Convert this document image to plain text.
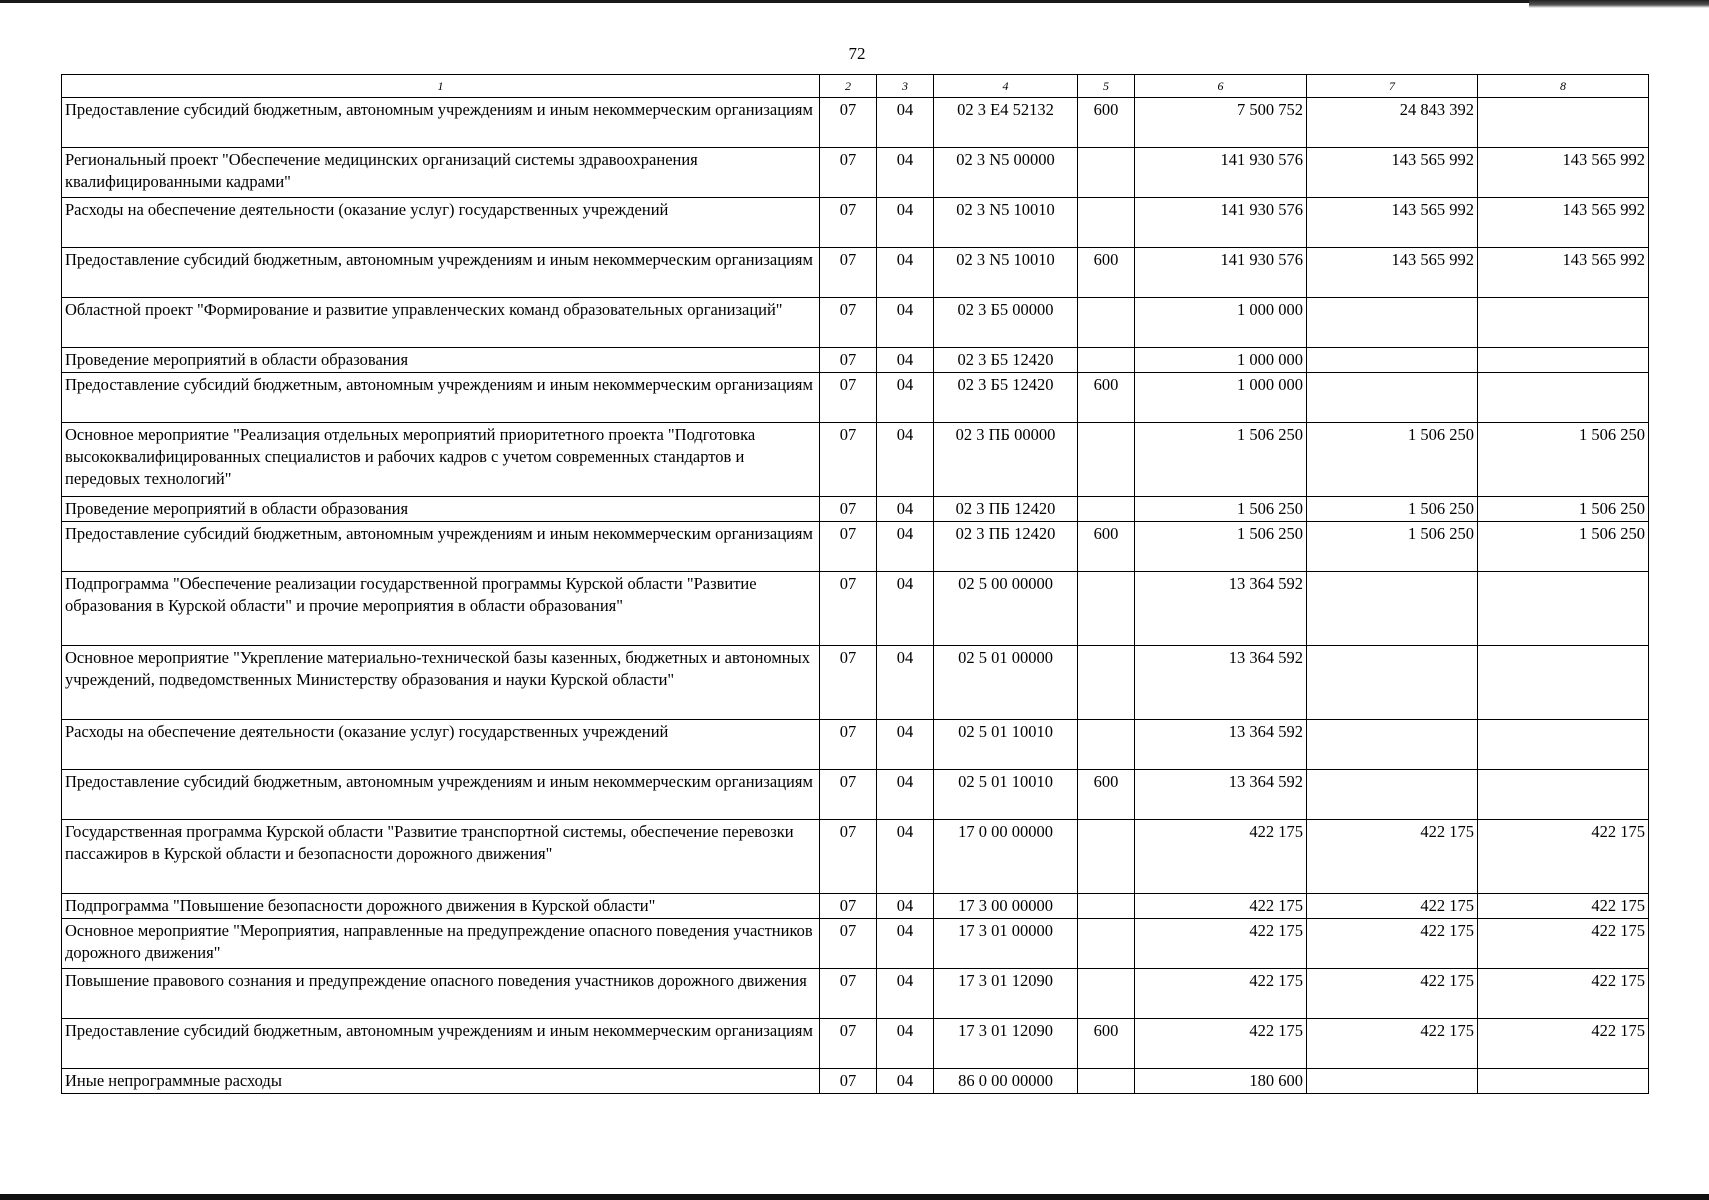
72
1	2	3	4	5	6	7	8
Предоставление субсидий бюджетным, автономным учреждениям и иным некоммерческим организациям	07	04	02 3 E4 52132	600	7 500 752	24 843 392	
Региональный проект "Обеспечение медицинских организаций системы здравоохранения квалифицированными кадрами"	07	04	02 3 N5 00000		141 930 576	143 565 992	143 565 992
Расходы на обеспечение деятельности (оказание услуг) государственных учреждений	07	04	02 3 N5 10010		141 930 576	143 565 992	143 565 992
Предоставление субсидий бюджетным, автономным учреждениям и иным некоммерческим организациям	07	04	02 3 N5 10010	600	141 930 576	143 565 992	143 565 992
Областной проект "Формирование и развитие управленческих команд образовательных организаций"	07	04	02 3 Б5 00000		1 000 000		
Проведение мероприятий в области образования	07	04	02 3 Б5 12420		1 000 000		
Предоставление субсидий бюджетным, автономным учреждениям и иным некоммерческим организациям	07	04	02 3 Б5 12420	600	1 000 000		
Основное мероприятие "Реализация отдельных мероприятий приоритетного проекта "Подготовка высококвалифицированных специалистов и рабочих кадров с учетом современных стандартов и передовых технологий"	07	04	02 3 ПБ 00000		1 506 250	1 506 250	1 506 250
Проведение мероприятий в области образования	07	04	02 3 ПБ 12420		1 506 250	1 506 250	1 506 250
Предоставление субсидий бюджетным, автономным учреждениям и иным некоммерческим организациям	07	04	02 3 ПБ 12420	600	1 506 250	1 506 250	1 506 250
Подпрограмма "Обеспечение реализации государственной программы Курской области "Развитие образования в Курской области" и прочие мероприятия в области образования"	07	04	02 5 00 00000		13 364 592		
Основное мероприятие "Укрепление материально-технической базы казенных, бюджетных и автономных учреждений, подведомственных Министерству образования и науки Курской области"	07	04	02 5 01 00000		13 364 592		
Расходы на обеспечение деятельности (оказание услуг) государственных учреждений	07	04	02 5 01 10010		13 364 592		
Предоставление субсидий бюджетным, автономным учреждениям и иным некоммерческим организациям	07	04	02 5 01 10010	600	13 364 592		
Государственная программа Курской области "Развитие транспортной системы, обеспечение перевозки пассажиров в Курской области и безопасности дорожного движения"	07	04	17 0 00 00000		422 175	422 175	422 175
Подпрограмма "Повышение безопасности дорожного движения в Курской области"	07	04	17 3 00 00000		422 175	422 175	422 175
Основное мероприятие "Мероприятия, направленные на предупреждение опасного поведения участников дорожного движения"	07	04	17 3 01 00000		422 175	422 175	422 175
Повышение правового сознания и предупреждение опасного поведения участников дорожного движения	07	04	17 3 01 12090		422 175	422 175	422 175
Предоставление субсидий бюджетным, автономным учреждениям и иным некоммерческим организациям	07	04	17 3 01 12090	600	422 175	422 175	422 175
Иные непрограммные расходы	07	04	86 0 00 00000		180 600		
